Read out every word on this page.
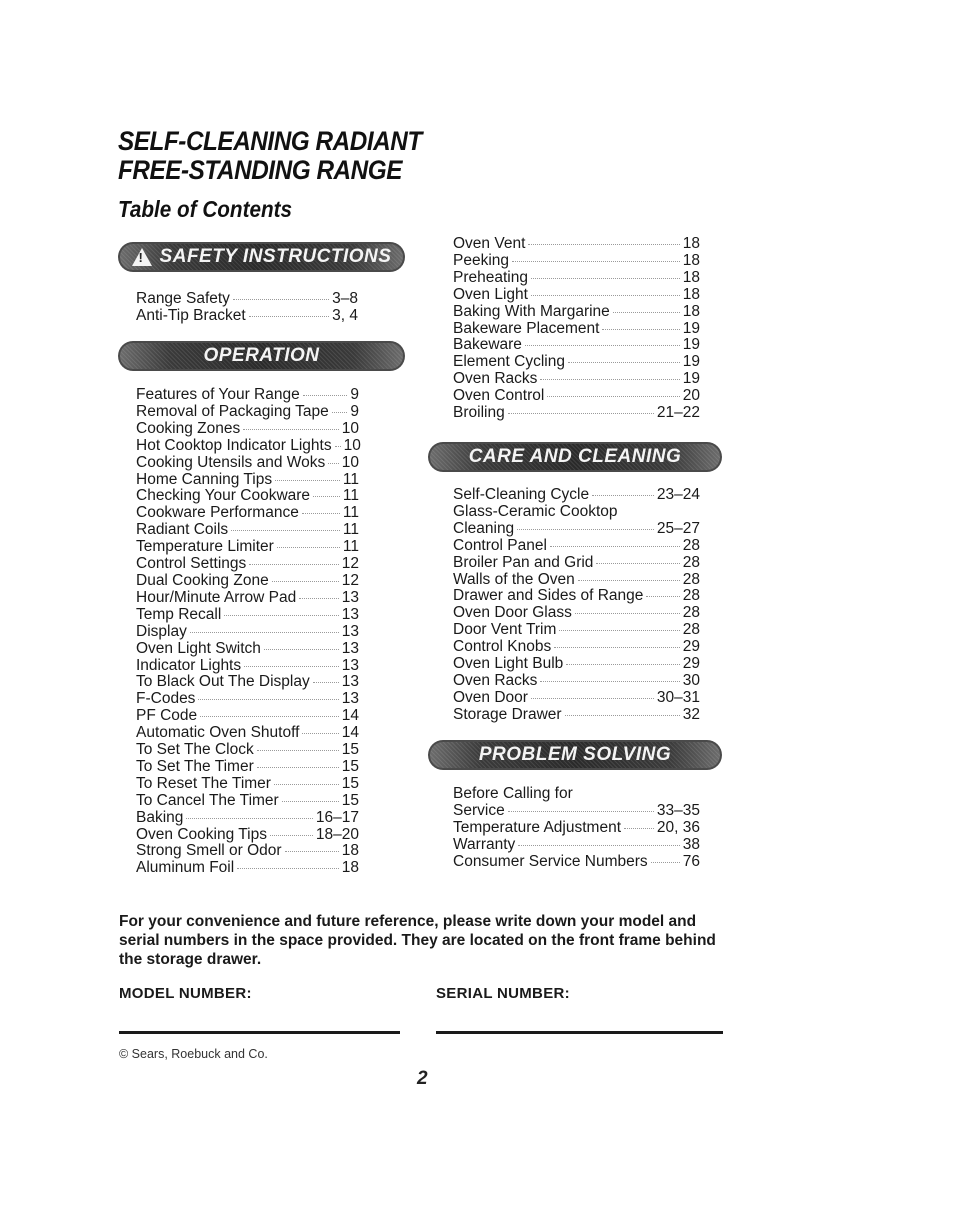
SELF-CLEANING RADIANT
FREE-STANDING RANGE
Table of Contents
!
SAFETY INSTRUCTIONS
Range Safety	3–8
Anti-Tip Bracket	3, 4
OPERATION
Features of Your Range	9
Removal of Packaging Tape 9
Cooking Zones	10
Hot Cooktop Indicator Lights 10
Cooking Utensils and Woks 10
Home Canning Tips	11
Checking Your Cookware 11
Cookware Performance	11
Radiant Coils	11
Temperature Limiter	11
Control Settings	12
Dual Cooking Zone	12
Hour/Minute Arrow Pad	13
Temp Recall	13
Display	13
Oven Light Switch	13
Indicator Lights	13
To Black Out The Display 13
F-Codes	13
PF Code	14
Automatic Oven Shutoff	14
To Set The Clock	15
To Set The Timer	15
To Reset The Timer	15
To Cancel The Timer	15
Baking	16–17
Oven Cooking Tips	18–20
Strong Smell or Odor	18
Aluminum Foil	18
Oven Vent	18
Peeking	18
Preheating	18
Oven Light	18
Baking With Margarine	18
Bakeware Placement	19
Bakeware	19
Element Cycling	19
Oven Racks	19
Oven Control	20
Broiling	21–22
CARE AND CLEANING
Self-Cleaning Cycle	23–24
Glass-Ceramic Cooktop
Cleaning	25–27
Control Panel	28
Broiler Pan and Grid	28
Walls of the Oven	28
Drawer and Sides of Range	28
Oven Door Glass	28
Door Vent Trim	28
Control Knobs	29
Oven Light Bulb	29
Oven Racks	30
Oven Door	30–31
Storage Drawer	32
PROBLEM SOLVING
Before Calling for
Service	33–35
Temperature Adjustment 20, 36
Warranty	38
Consumer Service Numbers 76

For your convenience and future reference, please write down your model and serial numbers in the space provided. They are located on the front frame behind the storage drawer.

MODEL NUMBER:	SERIAL NUMBER:
© Sears, Roebuck and Co.
2
